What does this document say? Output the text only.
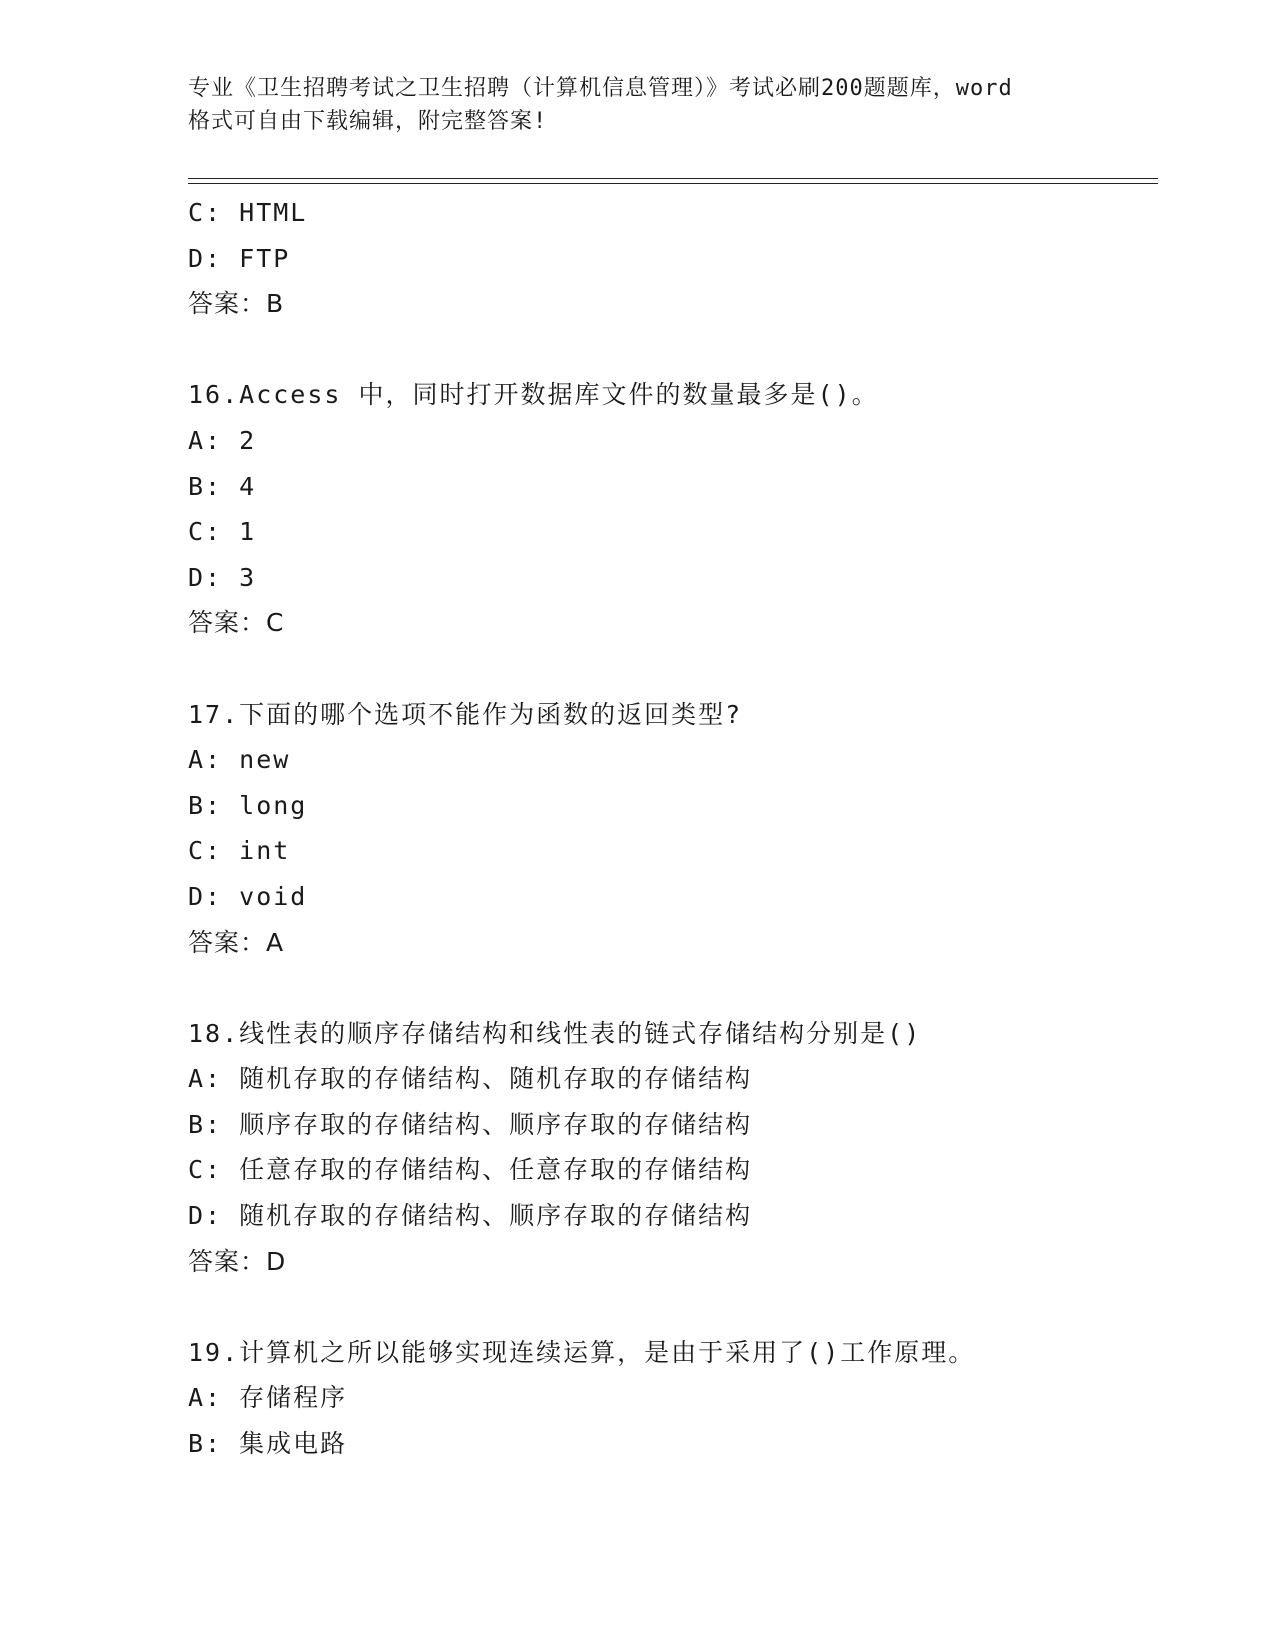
专业《卫生招聘考试之卫生招聘（计算机信息管理）》考试必刷200题题库，word
格式可自由下载编辑，附完整答案!
C: HTML
D: FTP
答案：B
16.Access 中，同时打开数据库文件的数量最多是()。
A: 2
B: 4
C: 1
D: 3
答案：C
17.下面的哪个选项不能作为函数的返回类型?
A: new
B: long
C: int
D: void
答案：A
18.线性表的顺序存储结构和线性表的链式存储结构分别是()
A: 随机存取的存储结构、随机存取的存储结构
B: 顺序存取的存储结构、顺序存取的存储结构
C: 任意存取的存储结构、任意存取的存储结构
D: 随机存取的存储结构、顺序存取的存储结构
答案：D
19.计算机之所以能够实现连续运算，是由于采用了()工作原理。
A: 存储程序
B: 集成电路
